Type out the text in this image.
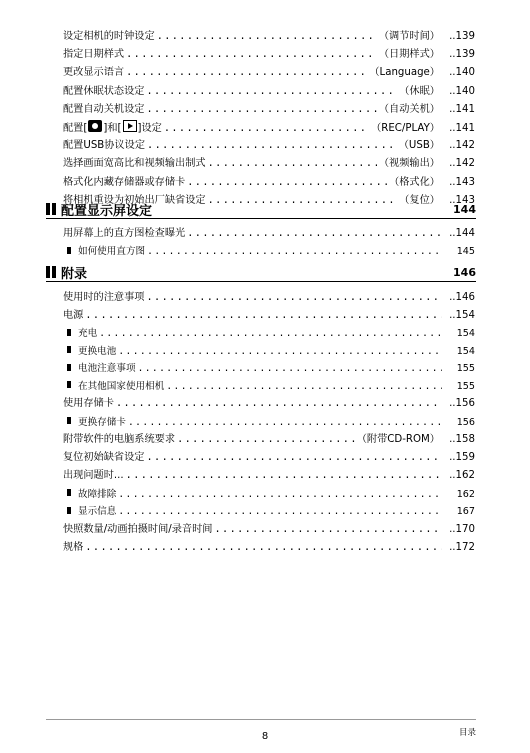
设定相机的时钟设定 .....	（调节时间） ..139
指定日期样式 .....	（日期样式） ..139
更改显示语言 .....	（Language） ..140
配置休眠状态设定 .....	（休眠） ..140
配置自动关机设定 .....	（自动关机） ..141
配置[ ]和[ ]设定 .....	（REC/PLAY） ..141
配置USB协议设定 .....	（USB） ..142
选择画面宽高比和视频输出制式 .....	（视频输出） ..142
格式化内藏存储器或存储卡 .....	（格式化） ..143
将相机重设为初始出厂缺省设定 .....	（复位） ..143
配置显示屏设定	144
用屏幕上的直方图检查曝光 .....	..144
如何使用直方图 .....	145
附录	146
使用时的注意事项 .....	..146
电源 .....	..154
充电 .....	154
更换电池 .....	154
电池注意事项 .....	155
在其他国家使用相机 .....	155
使用存储卡 .....	..156
更换存储卡 .....	156
附带软件的电脑系统要求 .....	（附带CD-ROM） ..158
复位初始缺省设定 .....	..159
出现问题时... .....	..162
故障排除 .....	162
显示信息 .....	167
快照数量/动画拍摄时间/录音时间 .....	..170
规格 .....	..172
8	目录
